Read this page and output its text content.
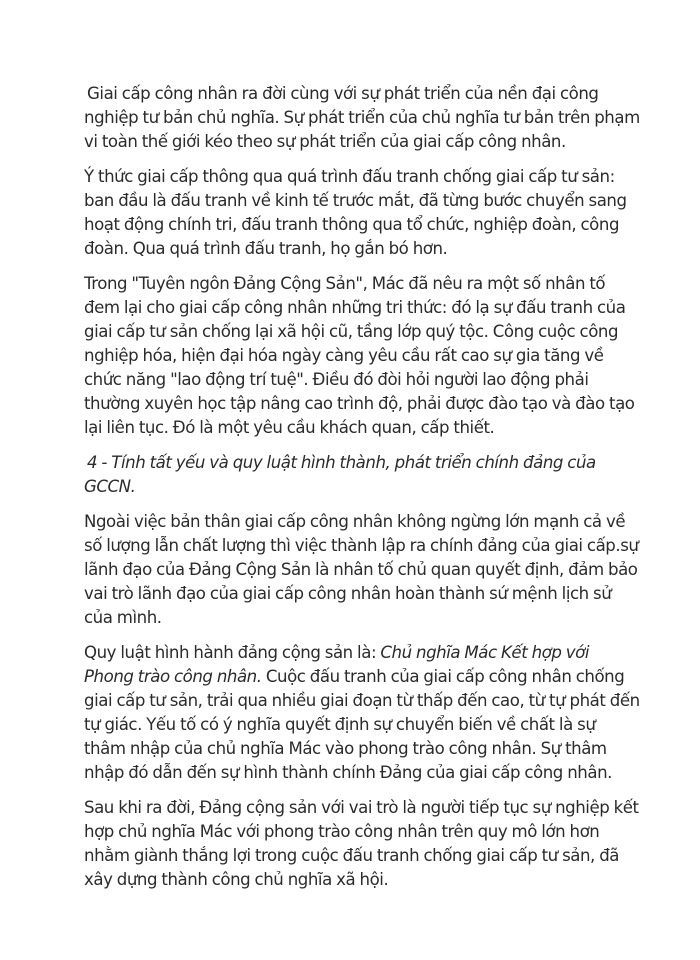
Giai cấp công nhân ra đời cùng với sự phát triển của nền đại công nghiệp tư bản chủ nghĩa. Sự phát triển của chủ nghĩa tư bản trên phạm vi toàn thế giới kéo theo sự phát triển của giai cấp công nhân.

Ý thức giai cấp thông qua quá trình đấu tranh chống giai cấp tư sản: ban đầu là đấu tranh về kinh tế trước mắt, đã từng bước chuyển sang hoạt động chính tri, đấu tranh thông qua tổ chức, nghiệp đoàn, công đoàn. Qua quá trình đấu tranh, họ gắn bó hơn.

Trong "Tuyên ngôn Đảng Cộng Sản", Mác đã nêu ra một số nhân tố đem lại cho giai cấp công nhân những tri thức: đó lạ sự đấu tranh của giai cấp tư sản chống lại xã hội cũ, tầng lớp quý tộc. Công cuộc công nghiệp hóa, hiện đại hóa ngày càng yêu cầu rất cao sự gia tăng về chức năng "lao động trí tuệ". Điều đó đòi hỏi người lao động phải thường xuyên học tập nâng cao trình độ, phải được đào tạo và đào tạo lại liên tục. Đó là một yêu cầu khách quan, cấp thiết.

4 - Tính tất yếu và quy luật hình thành, phát triển chính đảng của GCCN.

Ngoài việc bản thân giai cấp công nhân không ngừng lớn mạnh cả về số lượng lẫn chất lượng thì việc thành lập ra chính đảng của giai cấp.sự lãnh đạo của Đảng Cộng Sản là nhân tố chủ quan quyết định, đảm bảo vai trò lãnh đạo của giai cấp công nhân hoàn thành sứ mệnh lịch sử của mình.

Quy luật hình hành đảng cộng sản là: Chủ nghĩa Mác Kết hợp với Phong trào công nhân. Cuộc đấu tranh của giai cấp công nhân chống giai cấp tư sản, trải qua nhiều giai đoạn từ thấp đến cao, từ tự phát đến tự giác. Yếu tố có ý nghĩa quyết định sự chuyển biến về chất là sự thâm nhập của chủ nghĩa Mác vào phong trào công nhân. Sự thâm nhập đó dẫn đến sự hình thành chính Đảng của giai cấp công nhân.

Sau khi ra đời, Đảng cộng sản với vai trò là người tiếp tục sự nghiệp kết hợp chủ nghĩa Mác với phong trào công nhân trên quy mô lớn hơn nhằm giành thắng lợi trong cuộc đấu tranh chống giai cấp tư sản, đã xây dựng thành công chủ nghĩa xã hội.
